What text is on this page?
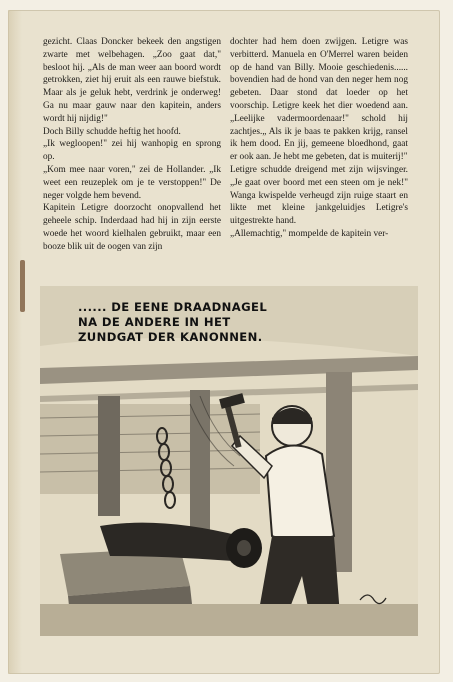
gezicht. Claas Doncker bekeek den angstigen zwarte met welbehagen. „Zoo gaat dat," besloot hij. „Als de man weer aan boord wordt getrokken, ziet hij eruit als een rauwe biefstuk. Maar als je geluk hebt, verdrink je onderweg! Ga nu maar gauw naar den kapitein, anders wordt hij nijdig!"

Doch Billy schudde heftig het hoofd.

„Ik wegloopen!" zei hij wanhopig en sprong op.

„Kom mee naar voren," zei de Hollander. „Ik weet een reuzeplek om je te verstoppen!" De neger volgde hem bevend.

Kapitein Letigre doorzocht onopvallend het geheele schip. Inderdaad had hij in zijn eerste woede het woord kielhalen gebruikt, maar een booze blik uit de oogen van zijn

dochter had hem doen zwijgen. Letigre was verbitterd. Manuela en O'Merrel waren beiden op de hand van Billy. Mooie geschiedenis...... bovendien had de hond van den neger hem nog gebeten. Daar stond dat loeder op het voorschip. Letigre keek het dier woedend aan. „Leelijke vadermoordenaar!" schold hij zachtjes.„ Als ik je baas te pakken krijg, ransel ik hem dood. En jij, gemeene bloedhond, gaat er ook aan. Je hebt me gebeten, dat is muiterij!"

Letigre schudde dreigend met zijn wijsvinger. „Je gaat over boord met een steen om je nek!" Wanga kwispelde verheugd zijn ruige staart en likte met kleine jankgeluidjes Letigre's uitgestrekte hand.

„Allemachtig," mompelde de kapitein ver-

...... DE EENE DRAADNAGEL
NA DE ANDERE IN HET
ZUNDGAT DER KANONNEN.
